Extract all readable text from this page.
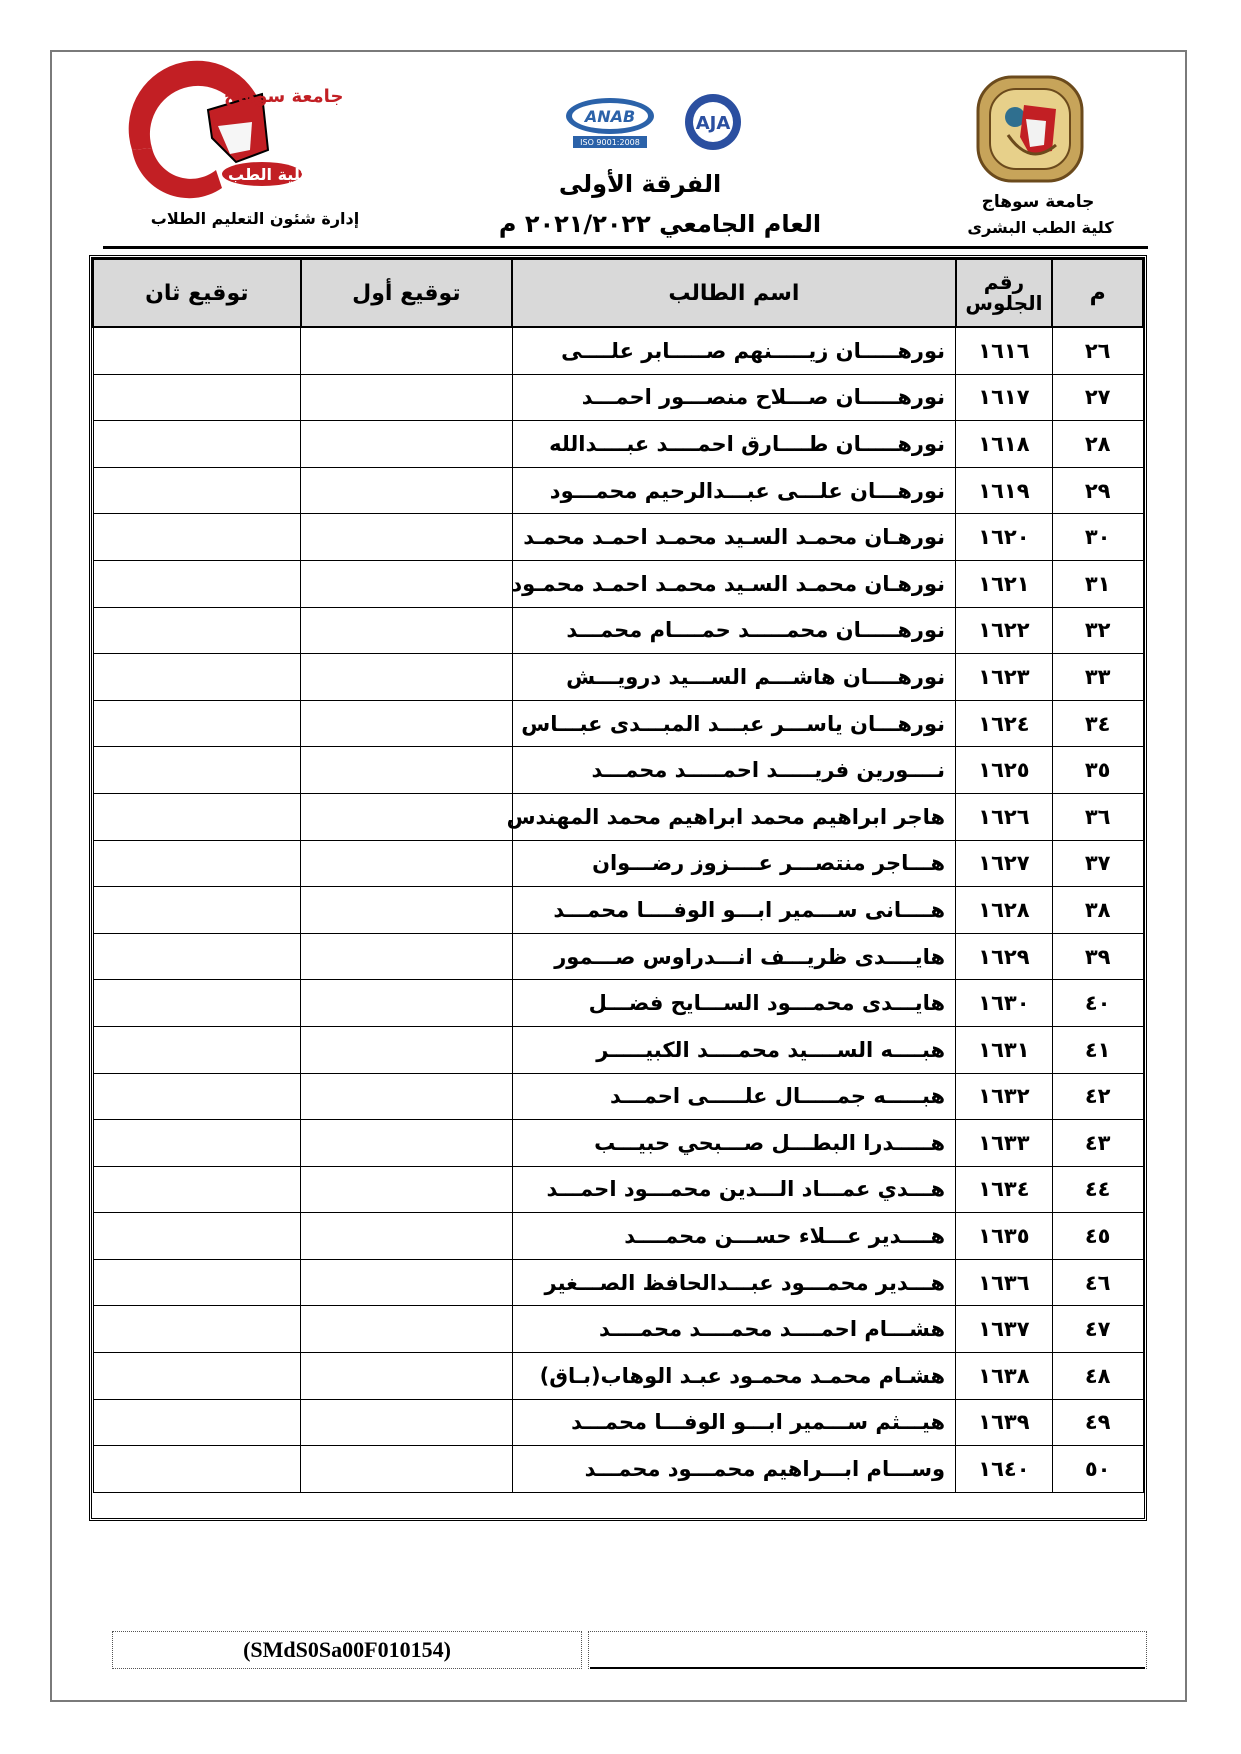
جامعة سوهاج
كلية الطب
ANAB
ISO 9001:2008
AJA
جامعة سوهاج
كلية الطب البشرى
إدارة شئون التعليم الطلاب
الفرقة الأولى
العام الجامعي ٢٠٢١/٢٠٢٢ م
م	رقم الجلوس	اسم الطالب	توقيع أول	توقيع ثان
٢٦	١٦١٦	نورهـــــان زيـــــنهم صـــــابر علــــى		
٢٧	١٦١٧	نورهـــــان صـــلاح منصـــور احمـــد		
٢٨	١٦١٨	نورهـــــان طــــارق احمــــد عبــــدالله		
٢٩	١٦١٩	نورهـــان علـــى عبـــدالرحيم محمـــود		
٣٠	١٦٢٠	نورهـان محمـد السـيد محمـد احمـد محمـد		
٣١	١٦٢١	نورهـان محمـد السـيد محمـد احمـد محمـود		
٣٢	١٦٢٢	نورهـــــان محمـــــد حمــــام محمـــد		
٣٣	١٦٢٣	نورهــــان هاشـــم الســـيد درويـــش		
٣٤	١٦٢٤	نورهـــان ياســـر عبـــد المبـــدى عبـــاس		
٣٥	١٦٢٥	نــــورين فريـــــد احمـــــد محمـــد		
٣٦	١٦٢٦	هاجر ابراهيم محمد ابراهيم محمد المهندس		
٣٧	١٦٢٧	هـــاجر منتصـــر عــــزوز رضـــوان		
٣٨	١٦٢٨	هــــانى ســـمير ابـــو الوفــــا محمـــد		
٣٩	١٦٢٩	هايــــدى ظريـــف انـــدراوس صـــمور		
٤٠	١٦٣٠	هايـــدى محمـــود الســـايح فضـــل		
٤١	١٦٣١	هبــــه الســــيد محمــــد الكبيـــــر		
٤٢	١٦٣٢	هبـــــه جمـــــال علـــــى احمـــد		
٤٣	١٦٣٣	هـــــدرا البطـــل صـــبحي حبيـــب		
٤٤	١٦٣٤	هـــدي عمـــاد الـــدين محمـــود احمـــد		
٤٥	١٦٣٥	هــــدير عـــلاء حســـن محمــــد		
٤٦	١٦٣٦	هـــدير محمـــود عبـــدالحافظ الصـــغير		
٤٧	١٦٣٧	هشـــام احمــــد محمــــد محمــــد		
٤٨	١٦٣٨	هشـام محمـد محمـود عبـد الوهاب(بـاق)		
٤٩	١٦٣٩	هيـــثم ســـمير ابـــو الوفـــا محمـــد		
٥٠	١٦٤٠	وســـام ابـــراهيم محمـــود محمـــد		
(SMdS0Sa00F010154)
